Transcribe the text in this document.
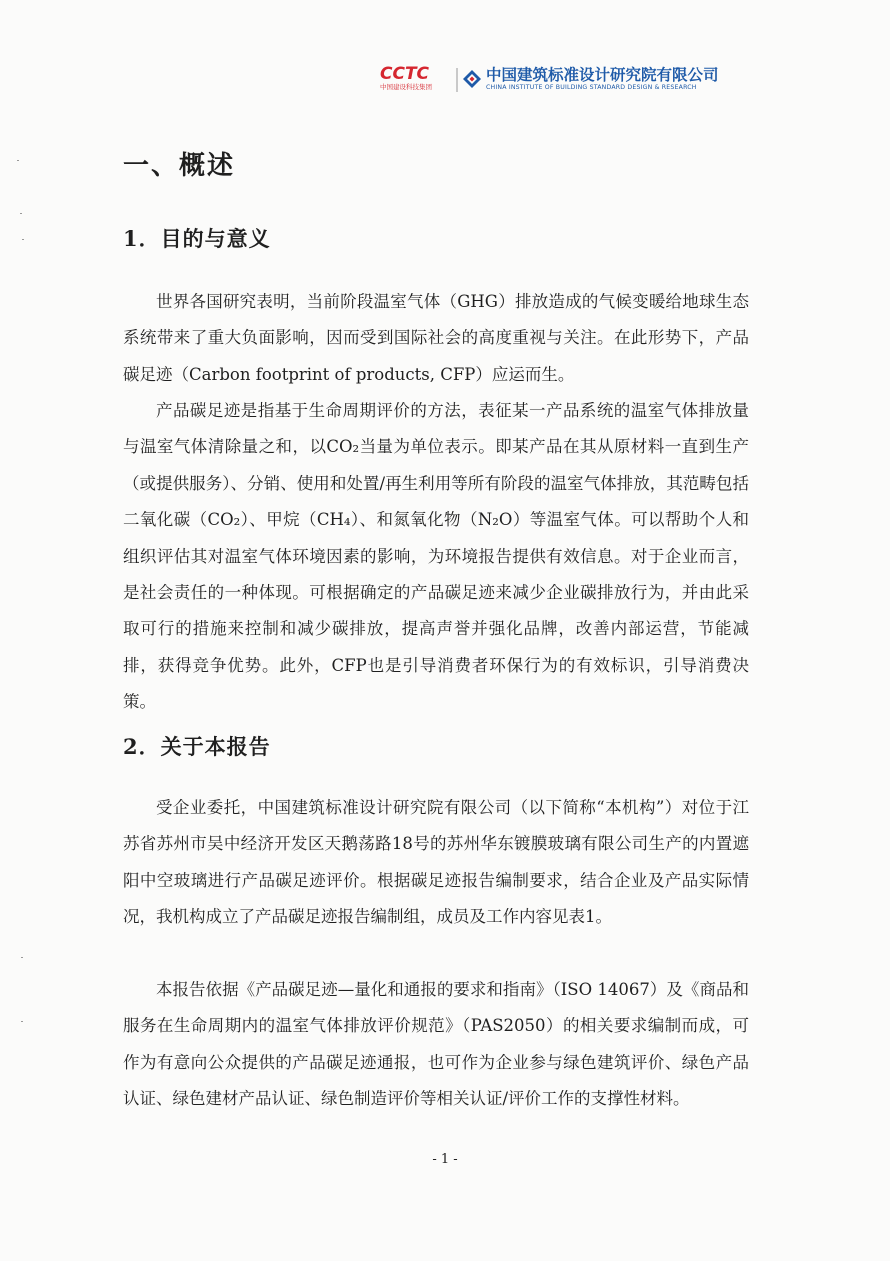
CCTC
中国建设科技集团
中国建筑标准设计研究院有限公司
CHINA INSTITUTE OF BUILDING STANDARD DESIGN & RESEARCH
一、概述
1．目的与意义

世界各国研究表明，当前阶段温室气体（GHG）排放造成的气候变暖给地球生态系统带来了重大负面影响，因而受到国际社会的高度重视与关注。在此形势下，产品碳足迹（Carbon footprint of products, CFP）应运而生。

产品碳足迹是指基于生命周期评价的方法，表征某一产品系统的温室气体排放量与温室气体清除量之和，以CO₂当量为单位表示。即某产品在其从原材料一直到生产（或提供服务）、分销、使用和处置/再生利用等所有阶段的温室气体排放，其范畴包括二氧化碳（CO₂）、甲烷（CH₄）、和氮氧化物（N₂O）等温室气体。可以帮助个人和组织评估其对温室气体环境因素的影响，为环境报告提供有效信息。对于企业而言，是社会责任的一种体现。可根据确定的产品碳足迹来减少企业碳排放行为，并由此采取可行的措施来控制和减少碳排放，提高声誉并强化品牌，改善内部运营，节能减排，获得竞争优势。此外，CFP也是引导消费者环保行为的有效标识，引导消费决策。

2．关于本报告

受企业委托，中国建筑标准设计研究院有限公司（以下简称“本机构”）对位于江苏省苏州市吴中经济开发区天鹅荡路18号的苏州华东镀膜玻璃有限公司生产的内置遮阳中空玻璃进行产品碳足迹评价。根据碳足迹报告编制要求，结合企业及产品实际情况，我机构成立了产品碳足迹报告编制组，成员及工作内容见表1。

本报告依据《产品碳足迹—量化和通报的要求和指南》（ISO 14067）及《商品和服务在生命周期内的温室气体排放评价规范》（PAS2050）的相关要求编制而成，可作为有意向公众提供的产品碳足迹通报，也可作为企业参与绿色建筑评价、绿色产品认证、绿色建材产品认证、绿色制造评价等相关认证/评价工作的支撑性材料。

- 1 -
